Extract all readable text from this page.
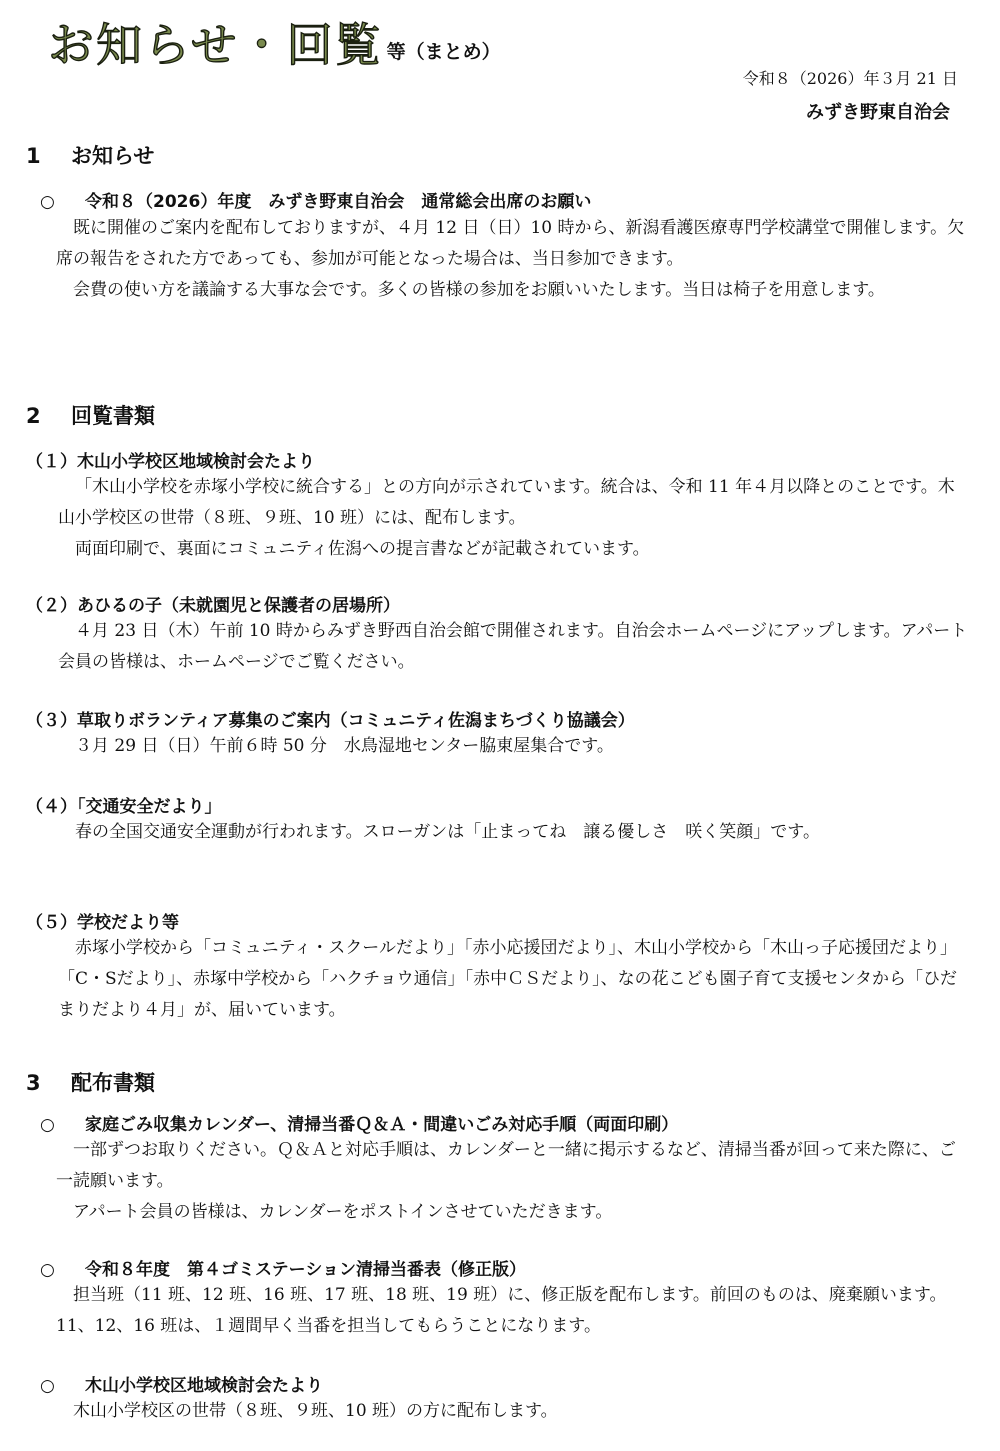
お知らせ・回覧 等（まとめ）
令和８（2026）年３月 21 日
みずき野東自治会
1 お知らせ
○ 令和８（2026）年度　みずき野東自治会　通常総会出席のお願い

既に開催のご案内を配布しておりますが、４月 12 日（日）10 時から、新潟看護医療専門学校講堂で開催します。欠席の報告をされた方であっても、参加が可能となった場合は、当日参加できます。

会費の使い方を議論する大事な会です。多くの皆様の参加をお願いいたします。当日は椅子を用意します。

2 回覧書類
（１）木山小学校区地域検討会たより

「木山小学校を赤塚小学校に統合する」との方向が示されています。統合は、令和 11 年４月以降とのことです。木山小学校区の世帯（８班、９班、10 班）には、配布します。

両面印刷で、裏面にコミュニティ佐潟への提言書などが記載されています。

（２）あひるの子（未就園児と保護者の居場所）

４月 23 日（木）午前 10 時からみずき野西自治会館で開催されます。自治会ホームページにアップします。アパート会員の皆様は、ホームページでご覧ください。

（３）草取りボランティア募集のご案内（コミュニティ佐潟まちづくり協議会）

３月 29 日（日）午前６時 50 分　水鳥湿地センター脇東屋集合です。

（４）「交通安全だより」

春の全国交通安全運動が行われます。スローガンは「止まってね　譲る優しさ　咲く笑顔」です。

（５）学校だより等

赤塚小学校から「コミュニティ・スクールだより」「赤小応援団だより」、木山小学校から「木山っ子応援団だより」「C・Sだより」、赤塚中学校から「ハクチョウ通信」「赤中ＣＳだより」、なの花こども園子育て支援センタから「ひだまりだより４月」が、届いています。

3 配布書類
○ 家庭ごみ収集カレンダー、清掃当番Ｑ＆Ａ・間違いごみ対応手順（両面印刷）

一部ずつお取りください。Ｑ＆Ａと対応手順は、カレンダーと一緒に掲示するなど、清掃当番が回って来た際に、ご一読願います。

アパート会員の皆様は、カレンダーをポストインさせていただきます。

○ 令和８年度　第４ゴミステーション清掃当番表（修正版）

担当班（11 班、12 班、16 班、17 班、18 班、19 班）に、修正版を配布します。前回のものは、廃棄願います。11、12、16 班は、１週間早く当番を担当してもらうことになります。

○ 木山小学校区地域検討会たより

木山小学校区の世帯（８班、９班、10 班）の方に配布します。
